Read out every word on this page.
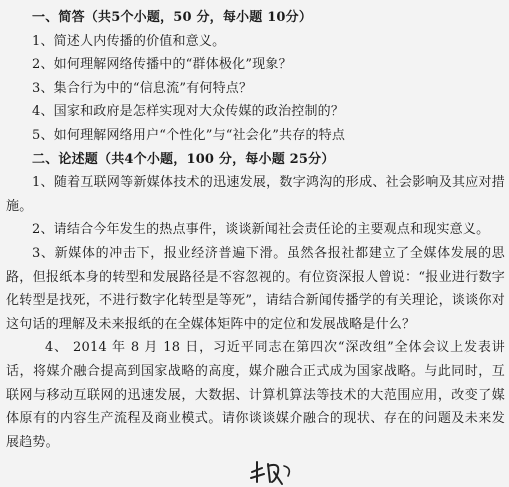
一、简答（共5个小题，50 分，每小题 10分）
1、简述人内传播的价值和意义。
2、如何理解网络传播中的“群体极化”现象？
3、集合行为中的“信息流”有何特点？
4、国家和政府是怎样实现对大众传媒的政治控制的？
5、如何理解网络用户“个性化”与“社会化”共存的特点
二、论述题（共4个小题，100 分，每小题 25分）
1、随着互联网等新媒体技术的迅速发展，数字鸿沟的形成、社会影响及其应对措施。
2、请结合今年发生的热点事件，谈谈新闻社会责任论的主要观点和现实意义。
3、新媒体的冲击下，报业经济普遍下滑。虽然各报社都建立了全媒体发展的思路，但报纸本身的转型和发展路径是不容忽视的。有位资深报人曾说：“报业进行数字化转型是找死，不进行数字化转型是等死”，请结合新闻传播学的有关理论，谈谈你对这句话的理解及未来报纸的在全媒体矩阵中的定位和发展战略是什么？
4、 2014 年 8 月 18 日，习近平同志在第四次“深改组”全体会议上发表讲话，将媒介融合提高到国家战略的高度，媒介融合正式成为国家战略。与此同时，互联网与移动互联网的迅速发展，大数据、计算机算法等技术的大范围应用，改变了媒体原有的内容生产流程及商业模式。请你谈谈媒介融合的现状、存在的问题及未来发展趋势。
